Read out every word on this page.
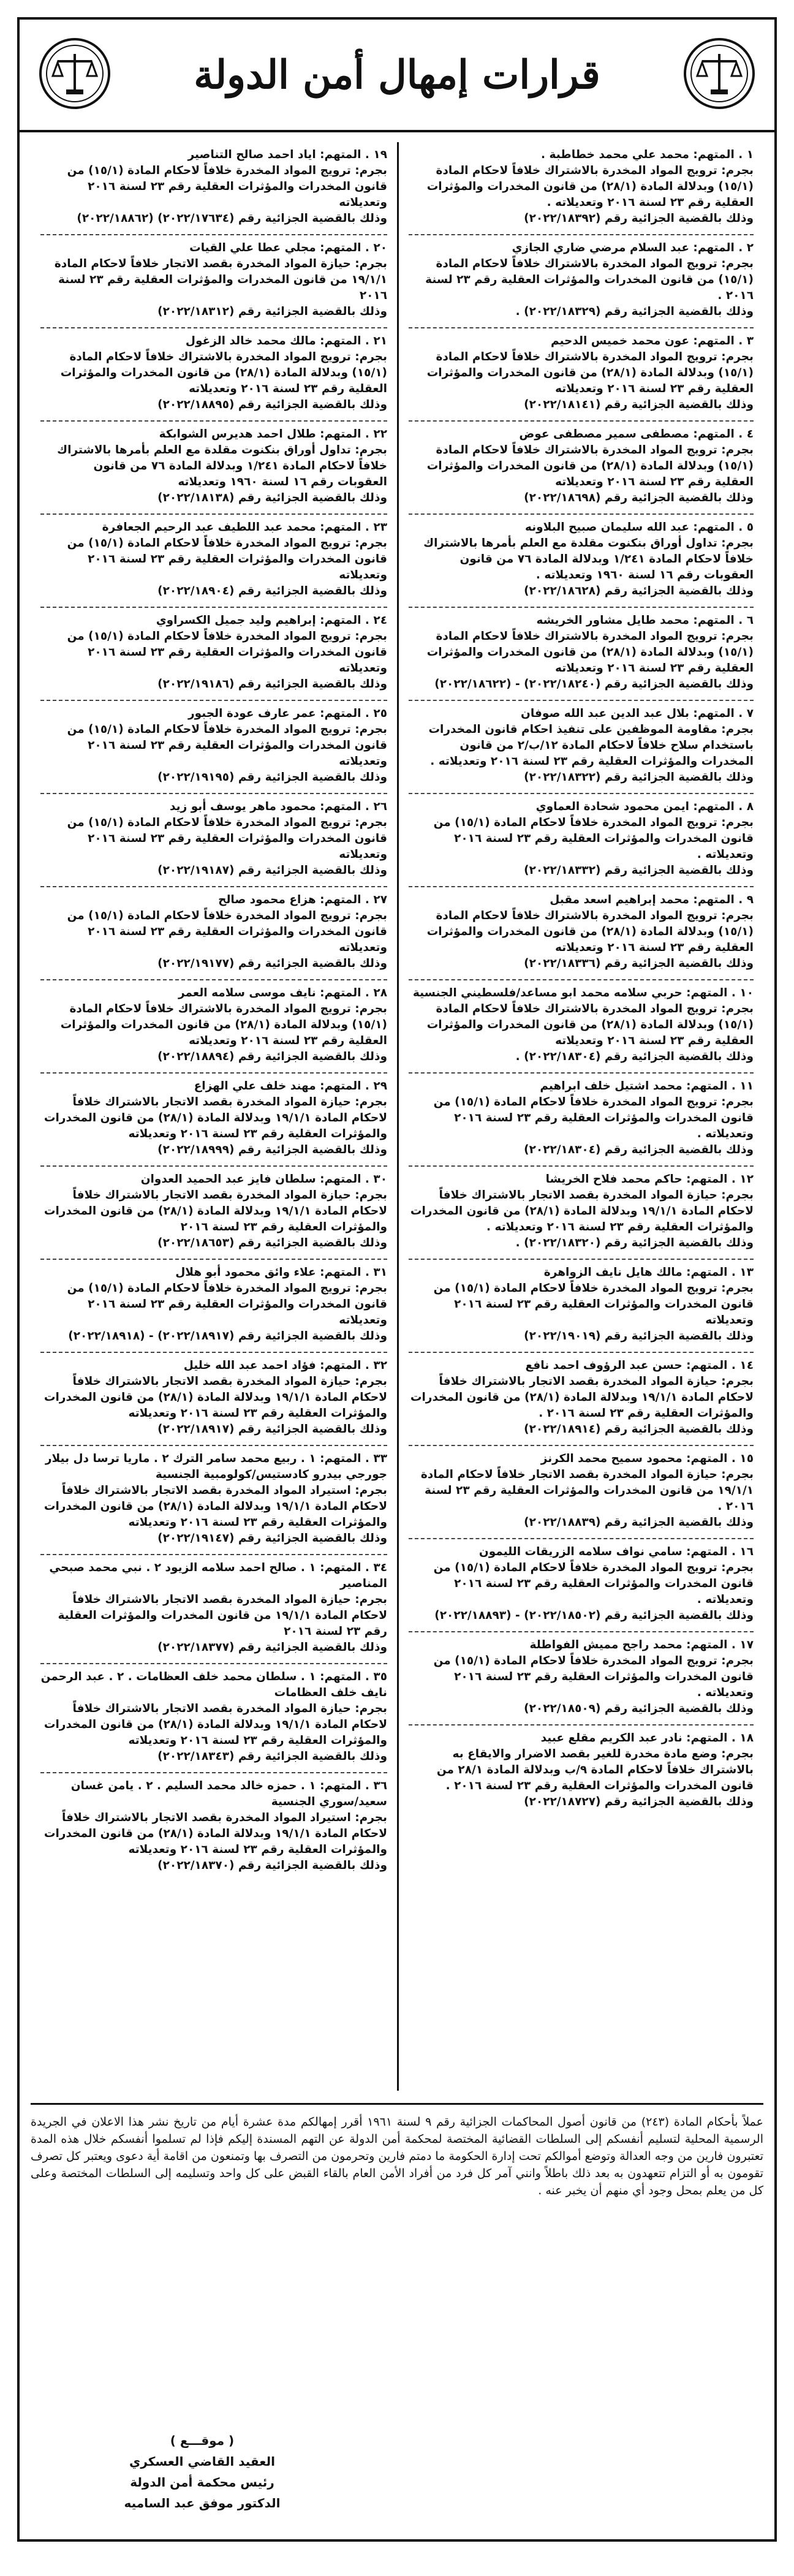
قرارات إمهال أمن الدولة
١ . المتهم: محمد علي محمد خطاطبة .
بجرم: ترويج المواد المخدرة بالاشتراك خلافاً لاحكام المادة (١٥/١) وبدلالة المادة (٢٨/١) من قانون المخدرات والمؤثرات العقلية رقم ٢٣ لسنة ٢٠١٦ وتعديلاته .
وذلك بالقضية الجزائية رقم (٢٠٢٢/١٨٣٩٢)
٢ . المتهم: عبد السلام مرضي ضاري الجازي
بجرم: ترويج المواد المخدرة بالاشتراك خلافاً لاحكام المادة (١٥/١) من قانون المخدرات والمؤثرات العقلية رقم ٢٣ لسنة ٢٠١٦ .
وذلك بالقضية الجزائية رقم (٢٠٢٢/١٨٣٢٩) .
٣ . المتهم: عون محمد خميس الدحيم
بجرم: ترويج المواد المخدرة بالاشتراك خلافاً لاحكام المادة (١٥/١) وبدلالة المادة (٢٨/١) من قانون المخدرات والمؤثرات العقلية رقم ٢٣ لسنة ٢٠١٦ وتعديلاته
وذلك بالقضية الجزائية رقم (٢٠٢٢/١٨١٤١)
٤ . المتهم: مصطفى سمير مصطفى عوض
بجرم: ترويج المواد المخدرة بالاشتراك خلافاً لاحكام المادة (١٥/١) وبدلالة المادة (٢٨/١) من قانون المخدرات والمؤثرات العقلية رقم ٢٣ لسنة ٢٠١٦ وتعديلاته
وذلك بالقضية الجزائية رقم (٢٠٢٢/١٨٦٩٨)
٥ . المتهم: عبد الله سليمان صبيح البلاونه
بجرم: تداول أوراق بنكنوت مقلدة مع العلم بأمرها بالاشتراك خلافاً لاحكام المادة ١/٢٤١ وبدلالة المادة ٧٦ من قانون العقوبات رقم ١٦ لسنة ١٩٦٠ وتعديلاته .
وذلك بالقضية الجزائية رقم (٢٠٢٢/١٨٦٢٨)
٦ . المتهم: محمد طايل مشاور الخريشه
بجرم: ترويج المواد المخدرة بالاشتراك خلافاً لاحكام المادة (١٥/١) وبدلالة المادة (٢٨/١) من قانون المخدرات والمؤثرات العقلية رقم ٢٣ لسنة ٢٠١٦ وتعديلاته
وذلك بالقضية الجزائية رقم (٢٠٢٢/١٨٢٤٠) - (٢٠٢٢/١٨٦٢٢)
٧ . المتهم: بلال عبد الدين عبد الله صوفان
بجرم: مقاومة الموظفين على تنفيذ احكام قانون المخدرات باستخدام سلاح خلافاً لاحكام المادة ١٢/ب/٢ من قانون المخدرات والمؤثرات العقلية رقم ٢٣ لسنة ٢٠١٦ وتعديلاته .
وذلك بالقضية الجزائية رقم (٢٠٢٢/١٨٣٢٢)
٨ . المتهم: ايمن محمود شحادة العماوي
بجرم: ترويج المواد المخدرة خلافاً لاحكام المادة (١٥/١) من قانون المخدرات والمؤثرات العقلية رقم ٢٣ لسنة ٢٠١٦ وتعديلاته .
وذلك بالقضية الجزائية رقم (٢٠٢٢/١٨٣٣٢)
٩ . المتهم: محمد إبراهيم اسعد مقبل
بجرم: ترويج المواد المخدرة بالاشتراك خلافاً لاحكام المادة (١٥/١) وبدلالة المادة (٢٨/١) من قانون المخدرات والمؤثرات العقلية رقم ٢٣ لسنة ٢٠١٦ وتعديلاته
وذلك بالقضية الجزائية رقم (٢٠٢٢/١٨٣٣٦)
١٠ . المتهم: حربي سلامه محمد ابو مساعد/فلسطيني الجنسية
بجرم: ترويج المواد المخدرة بالاشتراك خلافاً لاحكام المادة (١٥/١) وبدلالة المادة (٢٨/١) من قانون المخدرات والمؤثرات العقلية رقم ٢٣ لسنة ٢٠١٦ وتعديلاته
وذلك بالقضية الجزائية رقم (٢٠٢٢/١٨٣٠٤) .
١١ . المتهم: محمد اشتيل خلف ابراهيم
بجرم: ترويج المواد المخدرة خلافاً لاحكام المادة (١٥/١) من قانون المخدرات والمؤثرات العقلية رقم ٢٣ لسنة ٢٠١٦ وتعديلاته .
وذلك بالقضية الجزائية رقم (٢٠٢٢/١٨٣٠٤)
١٢ . المتهم: حاكم محمد فلاح الخريشا
بجرم: حيازة المواد المخدرة بقصد الاتجار بالاشتراك خلافاً لاحكام المادة ١٩/١/١ وبدلالة المادة (٢٨/١) من قانون المخدرات والمؤثرات العقلية رقم ٢٣ لسنة ٢٠١٦ وتعديلاته .
وذلك بالقضية الجزائية رقم (٢٠٢٢/١٨٣٢٠) .
١٣ . المتهم: مالك هايل نايف الزواهرة
بجرم: ترويج المواد المخدرة خلافاً لاحكام المادة (١٥/١) من قانون المخدرات والمؤثرات العقلية رقم ٢٣ لسنة ٢٠١٦ وتعديلاته
وذلك بالقضية الجزائية رقم (٢٠٢٢/١٩٠١٩)
١٤ . المتهم: حسن عبد الرؤوف احمد نافع
بجرم: حيازة المواد المخدرة بقصد الاتجار بالاشتراك خلافاً لاحكام المادة ١٩/١/١ وبدلالة المادة (٢٨/١) من قانون المخدرات والمؤثرات العقلية رقم ٢٣ لسنة ٢٠١٦ .
وذلك بالقضية الجزائية رقم (٢٠٢٢/١٨٩١٤)
١٥ . المتهم: محمود سميح محمد الكرنز
بجرم: حيازة المواد المخدرة بقصد الاتجار خلافاً لاحكام المادة ١٩/١/١ من قانون المخدرات والمؤثرات العقلية رقم ٢٣ لسنة ٢٠١٦ .
وذلك بالقضية الجزائية رقم (٢٠٢٢/١٨٨٣٩)
١٦ . المتهم: سامي نواف سلامه الزريقات الليمون
بجرم: ترويج المواد المخدرة خلافاً لاحكام المادة (١٥/١) من قانون المخدرات والمؤثرات العقلية رقم ٢٣ لسنة ٢٠١٦ وتعديلاته .
وذلك بالقضية الجزائية رقم (٢٠٢٢/١٨٥٠٢) - (٢٠٢٢/١٨٨٩٣)
١٧ . المتهم: محمد راجح مميش الفواطلة
بجرم: ترويج المواد المخدرة خلافاً لاحكام المادة (١٥/١) من قانون المخدرات والمؤثرات العقلية رقم ٢٣ لسنة ٢٠١٦ وتعديلاته .
وذلك بالقضية الجزائية رقم (٢٠٢٢/١٨٥٠٩)
١٨ . المتهم: نادر عبد الكريم مقلع عبيد
بجرم: وضع مادة مخدرة للغير بقصد الاضرار والايقاع به بالاشتراك خلافاً لاحكام المادة ٩/ب وبدلالة المادة ٢٨/١ من قانون المخدرات والمؤثرات العقلية رقم ٢٣ لسنة ٢٠١٦ .
وذلك بالقضية الجزائية رقم (٢٠٢٢/١٨٧٢٧)
١٩ . المتهم: اياد احمد صالح التناصير
بجرم: ترويج المواد المخدرة خلافاً لاحكام المادة (١٥/١) من قانون المخدرات والمؤثرات العقلية رقم ٢٣ لسنة ٢٠١٦ وتعديلاته
وذلك بالقضية الجزائية رقم (٢٠٢٢/١٧٦٣٤) (٢٠٢٢/١٨٨٦٢)
٢٠ . المتهم: مجلي عطا علي القيات
بجرم: حيازة المواد المخدرة بقصد الاتجار خلافاً لاحكام المادة ١٩/١/١ من قانون المخدرات والمؤثرات العقلية رقم ٢٣ لسنة ٢٠١٦
وذلك بالقضية الجزائية رقم (٢٠٢٢/١٨٣١٢)
٢١ . المتهم: مالك محمد خالد الزغول
بجرم: ترويج المواد المخدرة بالاشتراك خلافاً لاحكام المادة (١٥/١) وبدلالة المادة (٢٨/١) من قانون المخدرات والمؤثرات العقلية رقم ٢٣ لسنة ٢٠١٦ وتعديلاته
وذلك بالقضية الجزائية رقم (٢٠٢٢/١٨٨٩٥)
٢٢ . المتهم: طلال احمد هديرس الشوابكة
بجرم: تداول أوراق بنكنوت مقلدة مع العلم بأمرها بالاشتراك خلافاً لاحكام المادة ١/٢٤١ وبدلالة المادة ٧٦ من قانون العقوبات رقم ١٦ لسنة ١٩٦٠ وتعديلاته
وذلك بالقضية الجزائية رقم (٢٠٢٢/١٨١٣٨)
٢٣ . المتهم: محمد عبد اللطيف عبد الرحيم الجعافرة
بجرم: ترويج المواد المخدرة خلافاً لاحكام المادة (١٥/١) من قانون المخدرات والمؤثرات العقلية رقم ٢٣ لسنة ٢٠١٦ وتعديلاته
وذلك بالقضية الجزائية رقم (٢٠٢٢/١٨٩٠٤)
٢٤ . المتهم: إبراهيم وليد جميل الكسراوي
بجرم: ترويج المواد المخدرة خلافاً لاحكام المادة (١٥/١) من قانون المخدرات والمؤثرات العقلية رقم ٢٣ لسنة ٢٠١٦ وتعديلاته
وذلك بالقضية الجزائية رقم (٢٠٢٢/١٩١٨٦)
٢٥ . المتهم: عمر عارف عودة الجبور
بجرم: ترويج المواد المخدرة خلافاً لاحكام المادة (١٥/١) من قانون المخدرات والمؤثرات العقلية رقم ٢٣ لسنة ٢٠١٦ وتعديلاته
وذلك بالقضية الجزائية رقم (٢٠٢٢/١٩١٩٥)
٢٦ . المتهم: محمود ماهر يوسف أبو زيد
بجرم: ترويج المواد المخدرة خلافاً لاحكام المادة (١٥/١) من قانون المخدرات والمؤثرات العقلية رقم ٢٣ لسنة ٢٠١٦ وتعديلاته
وذلك بالقضية الجزائية رقم (٢٠٢٢/١٩١٨٧)
٢٧ . المتهم: هزاع محمود صالح
بجرم: ترويج المواد المخدرة خلافاً لاحكام المادة (١٥/١) من قانون المخدرات والمؤثرات العقلية رقم ٢٣ لسنة ٢٠١٦ وتعديلاته
وذلك بالقضية الجزائية رقم (٢٠٢٢/١٩١٧٧)
٢٨ . المتهم: نايف موسى سلامه العمر
بجرم: ترويج المواد المخدرة بالاشتراك خلافاً لاحكام المادة (١٥/١) وبدلالة المادة (٢٨/١) من قانون المخدرات والمؤثرات العقلية رقم ٢٣ لسنة ٢٠١٦ وتعديلاته
وذلك بالقضية الجزائية رقم (٢٠٢٢/١٨٨٩٤)
٢٩ . المتهم: مهند خلف علي الهزاع
بجرم: حيازة المواد المخدرة بقصد الاتجار بالاشتراك خلافاً لاحكام المادة ١٩/١/١ وبدلالة المادة (٢٨/١) من قانون المخدرات والمؤثرات العقلية رقم ٢٣ لسنة ٢٠١٦ وتعديلاته
وذلك بالقضية الجزائية رقم (٢٠٢٢/١٨٩٩٩)
٣٠ . المتهم: سلطان فايز عبد الحميد العدوان
بجرم: حيازة المواد المخدرة بقصد الاتجار بالاشتراك خلافاً لاحكام المادة ١٩/١/١ وبدلالة المادة (٢٨/١) من قانون المخدرات والمؤثرات العقلية رقم ٢٣ لسنة ٢٠١٦
وذلك بالقضية الجزائية رقم (٢٠٢٢/١٨٦٥٣)
٣١ . المتهم: علاء وائق محمود أبو هلال
بجرم: ترويج المواد المخدرة خلافاً لاحكام المادة (١٥/١) من قانون المخدرات والمؤثرات العقلية رقم ٢٣ لسنة ٢٠١٦ وتعديلاته
وذلك بالقضية الجزائية رقم (٢٠٢٢/١٨٩١٧) - (٢٠٢٢/١٨٩١٨)
٣٢ . المتهم: فؤاد احمد عبد الله خليل
بجرم: حيازة المواد المخدرة بقصد الاتجار بالاشتراك خلافاً لاحكام المادة ١٩/١/١ وبدلالة المادة (٢٨/١) من قانون المخدرات والمؤثرات العقلية رقم ٢٣ لسنة ٢٠١٦ وتعديلاته
وذلك بالقضية الجزائية رقم (٢٠٢٢/١٨٩١٧)
٣٣ . المتهم: ١ . ربيع محمد سامر الترك ٢ . ماريا ترسا دل بيلار جورجي بيدرو كادستيس/كولومبية الجنسية
بجرم: استيراد المواد المخدرة بقصد الاتجار بالاشتراك خلافاً لاحكام المادة ١٩/١/١ وبدلالة المادة (٢٨/١) من قانون المخدرات والمؤثرات العقلية رقم ٢٣ لسنة ٢٠١٦ وتعديلاته
وذلك بالقضية الجزائية رقم (٢٠٢٢/١٩١٤٧)
٣٤ . المتهم: ١ . صالح احمد سلامه الزيود ٢ . نبي محمد صبحي المناصير
بجرم: حيازة المواد المخدرة بقصد الاتجار بالاشتراك خلافاً لاحكام المادة ١٩/١/١ من قانون المخدرات والمؤثرات العقلية رقم ٢٣ لسنة ٢٠١٦
وذلك بالقضية الجزائية رقم (٢٠٢٢/١٨٣٧٧)
٣٥ . المتهم: ١ . سلطان محمد خلف العظامات . ٢ . عبد الرحمن نايف خلف العظامات
بجرم: حيازة المواد المخدرة بقصد الاتجار بالاشتراك خلافاً لاحكام المادة ١٩/١/١ وبدلالة المادة (٢٨/١) من قانون المخدرات والمؤثرات العقلية رقم ٢٣ لسنة ٢٠١٦ وتعديلاته
وذلك بالقضية الجزائية رقم (٢٠٢٢/١٨٣٤٣)
٣٦ . المتهم: ١ . حمزه خالد محمد السليم . ٢ . يامن غسان سعيد/سوري الجنسية
بجرم: استيراد المواد المخدرة بقصد الاتجار بالاشتراك خلافاً لاحكام المادة ١٩/١/١ وبدلالة المادة (٢٨/١) من قانون المخدرات والمؤثرات العقلية رقم ٢٣ لسنة ٢٠١٦ وتعديلاته
وذلك بالقضية الجزائية رقم (٢٠٢٢/١٨٣٧٠)
عملاً بأحكام المادة (٢٤٣) من قانون أصول المحاكمات الجزائية رقم ٩ لسنة ١٩٦١ أقرر إمهالكم مدة عشرة أيام من تاريخ نشر هذا الاعلان في الجريدة الرسمية المحلية لتسليم أنفسكم إلى السلطات القضائية المختصة لمحكمة أمن الدولة عن التهم المسندة إليكم فإذا لم تسلموا أنفسكم خلال هذه المدة تعتبرون فارين من وجه العدالة وتوضع أموالكم تحت إدارة الحكومة ما دمتم فارين وتحرمون من التصرف بها وتمنعون من اقامة أية دعوى ويعتبر كل تصرف تقومون به أو التزام تتعهدون به بعد ذلك باطلاً وانني آمر كل فرد من أفراد الأمن العام بالقاء القبض على كل واحد وتسليمه إلى السلطات المختصة وعلى كل من يعلم بمحل وجود أي منهم أن يخبر عنه .
( موقـــع )
العقيد القاضي العسكري
رئيس محكمة أمن الدولة
الدكتور موفق عبد الساميه
